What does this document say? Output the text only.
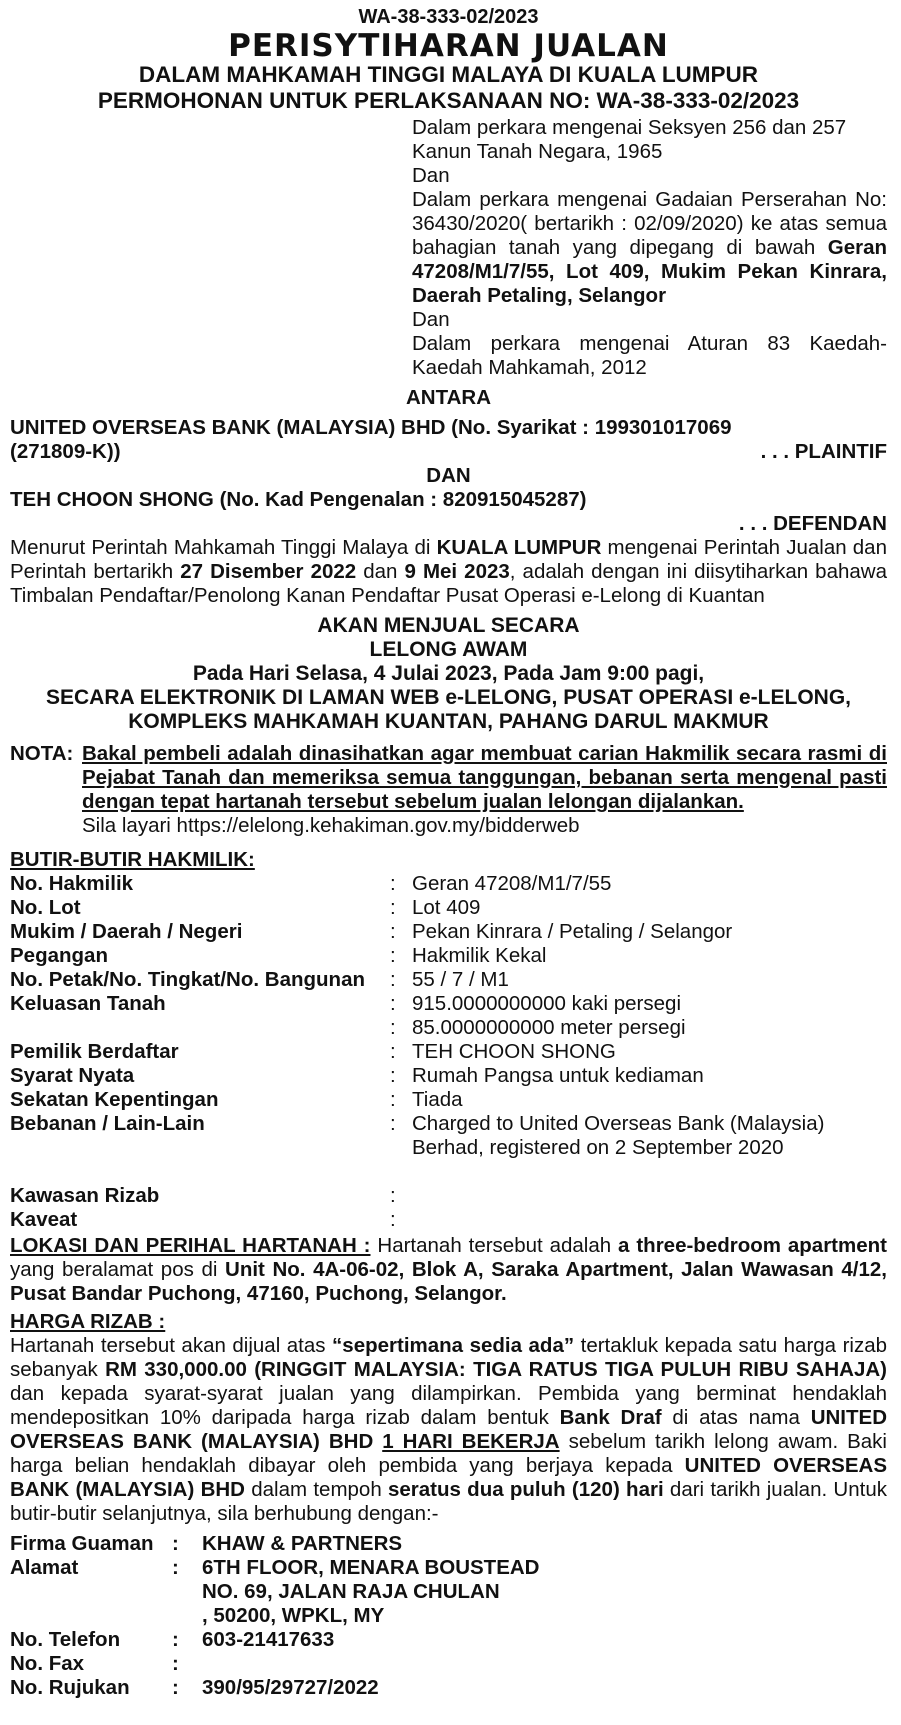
WA-38-333-02/2023
PERISYTIHARAN JUALAN
DALAM MAHKAMAH TINGGI MALAYA DI KUALA LUMPUR
PERMOHONAN UNTUK PERLAKSANAAN NO: WA-38-333-02/2023
Dalam perkara mengenai Seksyen 256 dan 257
Kanun Tanah Negara, 1965
Dan
Dalam perkara mengenai Gadaian Perserahan No: 36430/2020( bertarikh : 02/09/2020) ke atas semua bahagian tanah yang dipegang di bawah Geran 47208/M1/7/55, Lot 409, Mukim Pekan Kinrara, Daerah Petaling, Selangor
Dan
Dalam perkara mengenai Aturan 83 Kaedah-Kaedah Mahkamah, 2012
ANTARA
UNITED OVERSEAS BANK (MALAYSIA) BHD (No. Syarikat : 199301017069
(271809-K))	. . . PLAINTIF
DAN
TEH CHOON SHONG (No. Kad Pengenalan : 820915045287)
. . . DEFENDAN
Menurut Perintah Mahkamah Tinggi Malaya di KUALA LUMPUR mengenai Perintah Jualan dan Perintah bertarikh 27 Disember 2022 dan 9 Mei 2023, adalah dengan ini diisytiharkan bahawa Timbalan Pendaftar/Penolong Kanan Pendaftar Pusat Operasi e-Lelong di Kuantan
AKAN MENJUAL SECARA
LELONG AWAM
Pada Hari Selasa, 4 Julai 2023, Pada Jam 9:00 pagi,
SECARA ELEKTRONIK DI LAMAN WEB e-LELONG, PUSAT OPERASI e-LELONG,
KOMPLEKS MAHKAMAH KUANTAN, PAHANG DARUL MAKMUR
NOTA: Bakal pembeli adalah dinasihatkan agar membuat carian Hakmilik secara rasmi di Pejabat Tanah dan memeriksa semua tanggungan, bebanan serta mengenal pasti dengan tepat hartanah tersebut sebelum jualan lelongan dijalankan.
Sila layari https://elelong.kehakiman.gov.my/bidderweb
BUTIR-BUTIR HAKMILIK:
No. Hakmilik	: Geran 47208/M1/7/55
No. Lot	: Lot 409
Mukim / Daerah / Negeri	: Pekan Kinrara / Petaling / Selangor
Pegangan	: Hakmilik Kekal
No. Petak/No. Tingkat/No. Bangunan	: 55 / 7 / M1
Keluasan Tanah	: 915.0000000000 kaki persegi
: 85.0000000000 meter persegi
Pemilik Berdaftar	: TEH CHOON SHONG
Syarat Nyata	: Rumah Pangsa untuk kediaman
Sekatan Kepentingan	: Tiada
Bebanan / Lain-Lain	: Charged to United Overseas Bank (Malaysia) Berhad, registered on 2 September 2020
Kawasan Rizab	:
Kaveat	:
LOKASI DAN PERIHAL HARTANAH : Hartanah tersebut adalah a three-bedroom apartment yang beralamat pos di Unit No. 4A-06-02, Blok A, Saraka Apartment, Jalan Wawasan 4/12, Pusat Bandar Puchong, 47160, Puchong, Selangor.
HARGA RIZAB :
Hartanah tersebut akan dijual atas “sepertimana sedia ada” tertakluk kepada satu harga rizab sebanyak RM 330,000.00 (RINGGIT MALAYSIA: TIGA RATUS TIGA PULUH RIBU SAHAJA) dan kepada syarat-syarat jualan yang dilampirkan. Pembida yang berminat hendaklah mendepositkan 10% daripada harga rizab dalam bentuk Bank Draf di atas nama UNITED OVERSEAS BANK (MALAYSIA) BHD 1 HARI BEKERJA sebelum tarikh lelong awam. Baki harga belian hendaklah dibayar oleh pembida yang berjaya kepada UNITED OVERSEAS BANK (MALAYSIA) BHD dalam tempoh seratus dua puluh (120) hari dari tarikh jualan. Untuk butir-butir selanjutnya, sila berhubung dengan:-
Firma Guaman :	KHAW & PARTNERS
Alamat	:	6TH FLOOR, MENARA BOUSTEAD
NO. 69, JALAN RAJA CHULAN
, 50200, WPKL, MY
No. Telefon	:	603-21417633
No. Fax	:
No. Rujukan	:	390/95/29727/2022
